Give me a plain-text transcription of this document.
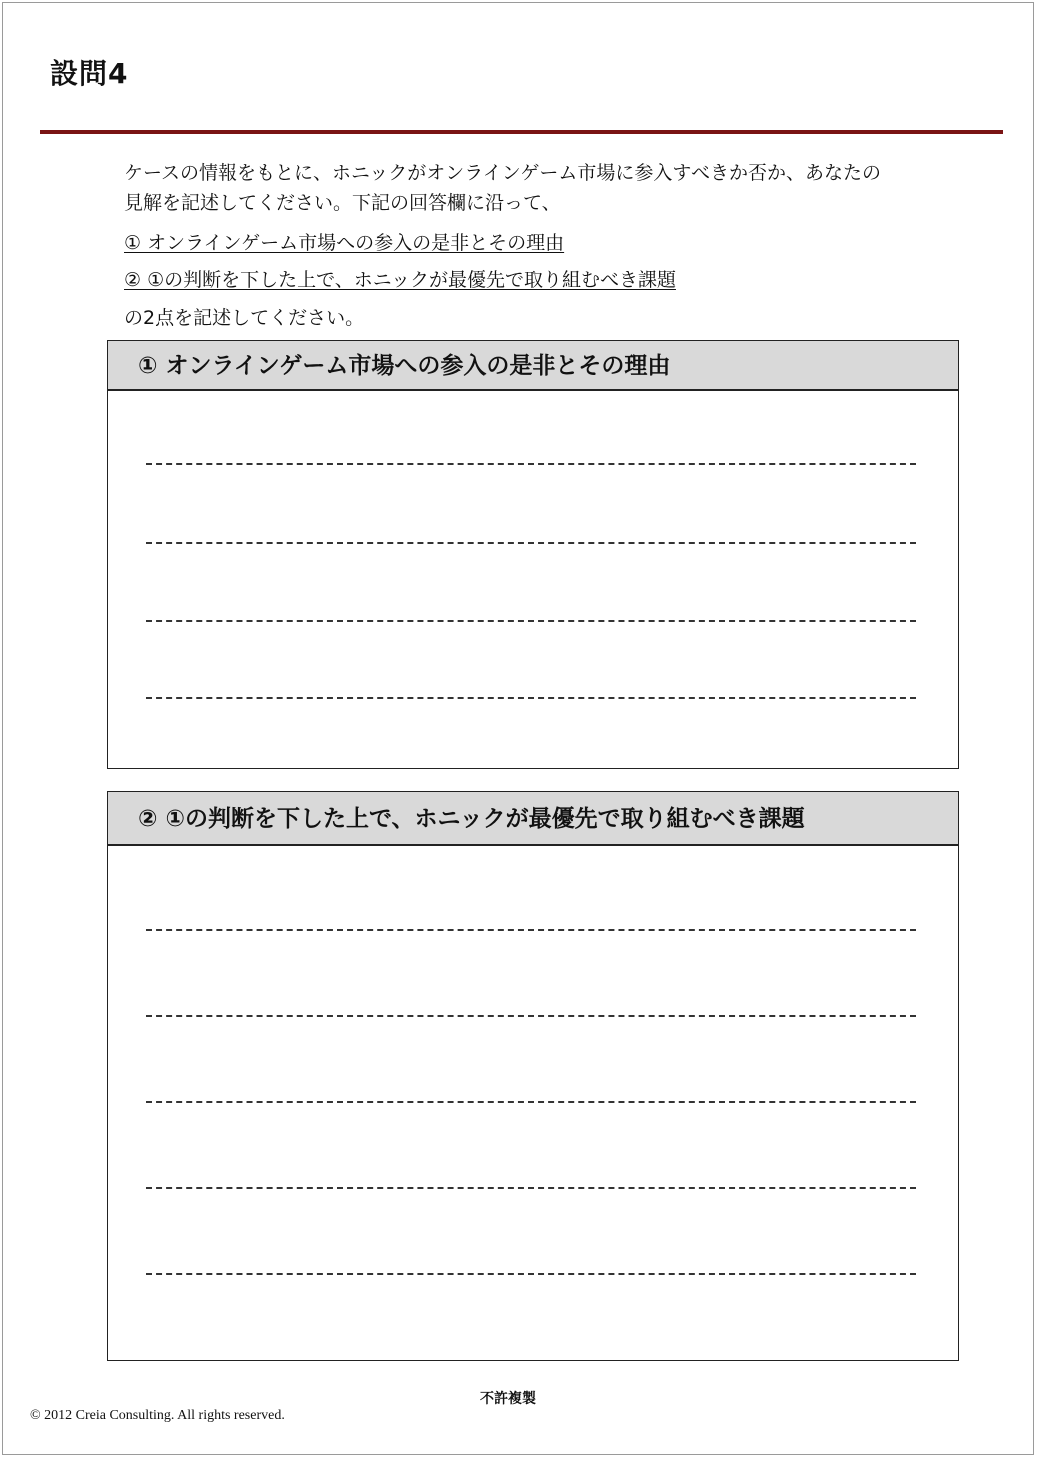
設問4
ケースの情報をもとに、ホニックがオンラインゲーム市場に参入すべきか否か、あなたの
見解を記述してください。下記の回答欄に沿って、
① オンラインゲーム市場への参入の是非とその理由
② ①の判断を下した上で、ホニックが最優先で取り組むべき課題
の2点を記述してください。
① オンラインゲーム市場への参入の是非とその理由
② ①の判断を下した上で、ホニックが最優先で取り組むべき課題
不許複製
© 2012 Creia Consulting. All rights reserved.
